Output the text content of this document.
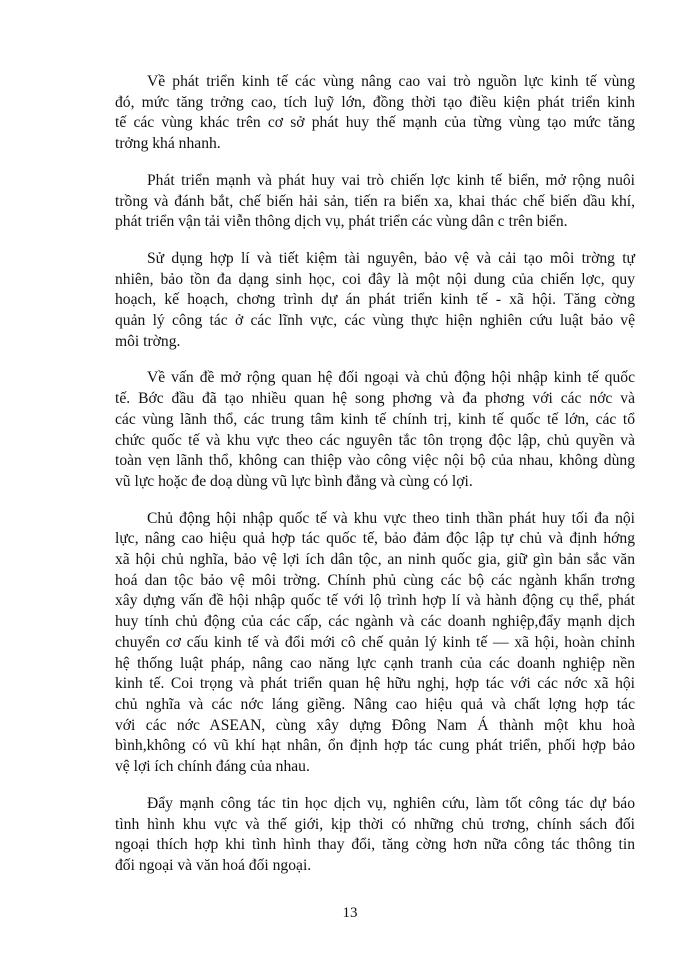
Về phát triển kinh tế các vùng nâng cao vai trò nguồn lực kinh tế vùng
đó, mức tăng trởng cao, tích luỹ lớn, đồng thời tạo điều kiện phát triển kinh
tế các vùng khác trên cơ sở phát huy thế mạnh của từng vùng tạo mức tăng
trởng khá nhanh.

Phát triển mạnh và phát huy vai trò chiến lợc kinh tế biển, mở rộng nuôi
trồng và đánh bắt, chế biến hải sản, tiến ra biển xa, khai thác chế biến dầu khí,
phát triển vận tải viễn thông dịch vụ, phát triển các vùng dân c trên biển.

Sử dụng hợp lí và tiết kiệm tài nguyên, bảo vệ và cải tạo môi trờng tự
nhiên, bảo tồn đa dạng sinh học, coi đây là một nội dung của chiến lợc, quy
hoạch, kế hoạch, chơng trình dự án phát triển kinh tế - xã hội. Tăng cờng
quản lý công tác ở các lĩnh vực, các vùng thực hiện nghiên cứu luật bảo vệ
môi trờng.

Về vấn đề mở rộng quan hệ đối ngoại và chủ động hội nhập kinh tế quốc
tế. Bớc đầu đã tạo nhiều quan hệ song phơng và đa phơng với các nớc và
các vùng lãnh thổ, các trung tâm kinh tế chính trị, kinh tế quốc tế lớn, các tổ
chức quốc tế và khu vực theo các nguyên tắc tôn trọng độc lập, chủ quyền và
toàn vẹn lãnh thổ, không can thiệp vào công việc nội bộ của nhau, không dùng
vũ lực hoặc đe doạ dùng vũ lực bình đẳng và cùng có lợi.

Chủ động hội nhập quốc tế và khu vực theo tinh thần phát huy tối đa nội
lực, nâng cao hiệu quả hợp tác quốc tế, bảo đảm độc lập tự chủ và định hớng
xã hội chủ nghĩa, bảo vệ lợi ích dân tộc, an ninh quốc gia, giữ gìn bản sắc văn
hoá dan tộc bảo vệ môi trờng. Chính phủ cùng các bộ các ngành khẩn trơng
xây dựng vấn đề hội nhập quốc tế với lộ trình hợp lí và hành động cụ thể, phát
huy tính chủ động của các cấp, các ngành và các doanh nghiệp,đẩy mạnh dịch
chuyển cơ cấu kinh tế và đổi mới cô chế quản lý kinh tế — xã hội, hoàn chỉnh
hệ thống luật pháp, nâng cao năng lực cạnh tranh của các doanh nghiệp nền
kinh tế. Coi trọng và phát triển quan hệ hữu nghị, hợp tác với các nớc xã hội
chủ nghĩa và các nớc láng giềng. Nâng cao hiệu quả và chất lợng hợp tác
với các nớc ASEAN, cùng xây dựng Đông Nam Á thành một khu hoà
bình,không có vũ khí hạt nhân, ổn định hợp tác cung phát triển, phối hợp bảo
vệ lợi ích chính đáng của nhau.

Đẩy mạnh công tác tin học dịch vụ, nghiên cứu, làm tốt công tác dự báo
tình hình khu vực và thế giới, kịp thời có những chủ trơng, chính sách đối
ngoại thích hợp khi tình hình thay đổi, tăng cờng hơn nữa công tác thông tin
đối ngoại và văn hoá đối ngoại.

13
